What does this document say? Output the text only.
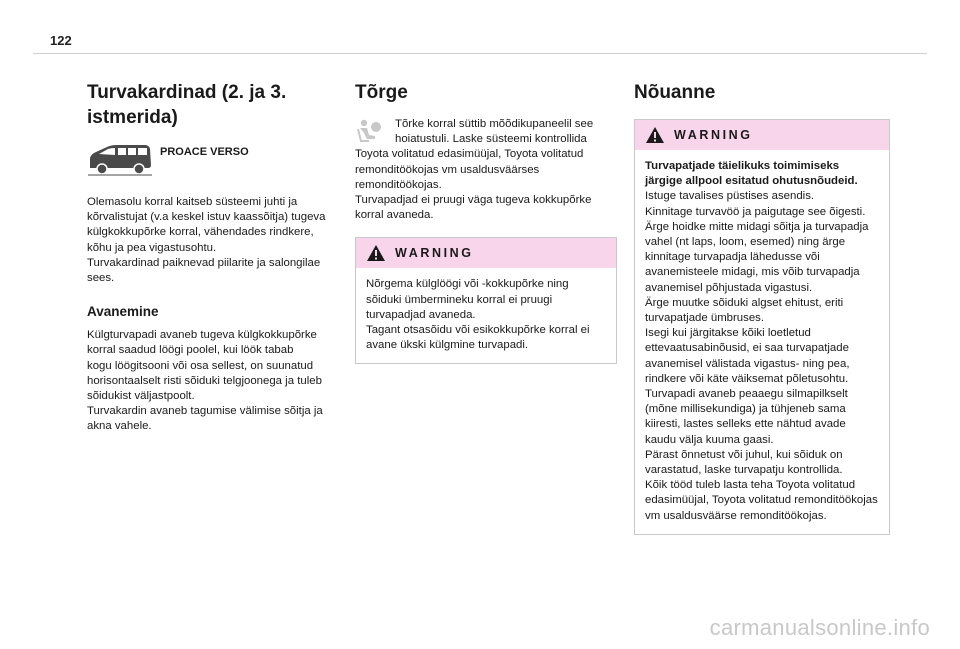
122
Turvakardinad (2. ja 3.
istmerida)
PROACE VERSO

Olemasolu korral kaitseb süsteemi juhti ja
kõrvalistujat (v.a keskel istuv kaassõitja) tugeva
külgkokkupõrke korral, vähendades rindkere,
kõhu ja pea vigastusohtu.
Turvakardinad paiknevad piilarite ja salongilae
sees.

Avanemine

Külgturvapadi avaneb tugeva külgkokkupõrke
korral saadud löögi poolel, kui löök tabab
kogu löögitsooni või osa sellest, on suunatud
horisontaalselt risti sõiduki telgjoonega ja tuleb
sõidukist väljastpoolt.
Turvakardin avaneb tagumise välimise sõitja ja
akna vahele.

Tõrge
Tõrke korral süttib mõõdikupaneelil see
hoiatustuli. Laske süsteemi kontrollida

Toyota volitatud edasimüüjal, Toyota volitatud
remonditöökojas vm usaldusväärses
remonditöökojas.
Turvapadjad ei pruugi väga tugeva kokkupõrke
korral avaneda.

WARNING

Nõrgema külglöögi või -kokkupõrke ning
sõiduki ümbermineku korral ei pruugi
turvapadjad avaneda.
Tagant otsasõidu või esikokkupõrke korral ei
avane ükski külgmine turvapadi.

Nõuanne
WARNING
Turvapatjade täielikuks toimimiseks
järgige allpool esitatud ohutusnõudeid.

Istuge tavalises püstises asendis.
Kinnitage turvavöö ja paigutage see õigesti.
Ärge hoidke mitte midagi sõitja ja turvapadja
vahel (nt laps, loom, esemed) ning ärge
kinnitage turvapadja lähedusse või
avanemisteele midagi, mis võib turvapadja
avanemisel põhjustada vigastusi.
Ärge muutke sõiduki algset ehitust, eriti
turvapatjade ümbruses.
Isegi kui järgitakse kõiki loetletud
ettevaatusabinõusid, ei saa turvapatjade
avanemisel välistada vigastus- ning pea,
rindkere või käte väiksemat põletusohtu.
Turvapadi avaneb peaaegu silmapilkselt
(mõne millisekundiga) ja tühjeneb sama
kiiresti, lastes selleks ette nähtud avade
kaudu välja kuuma gaasi.
Pärast õnnetust või juhul, kui sõiduk on
varastatud, laske turvapatju kontrollida.
Kõik tööd tuleb lasta teha Toyota volitatud
edasimüüjal, Toyota volitatud remonditöökojas
vm usaldusväärse remonditöökojas.

carmanualsonline.info
